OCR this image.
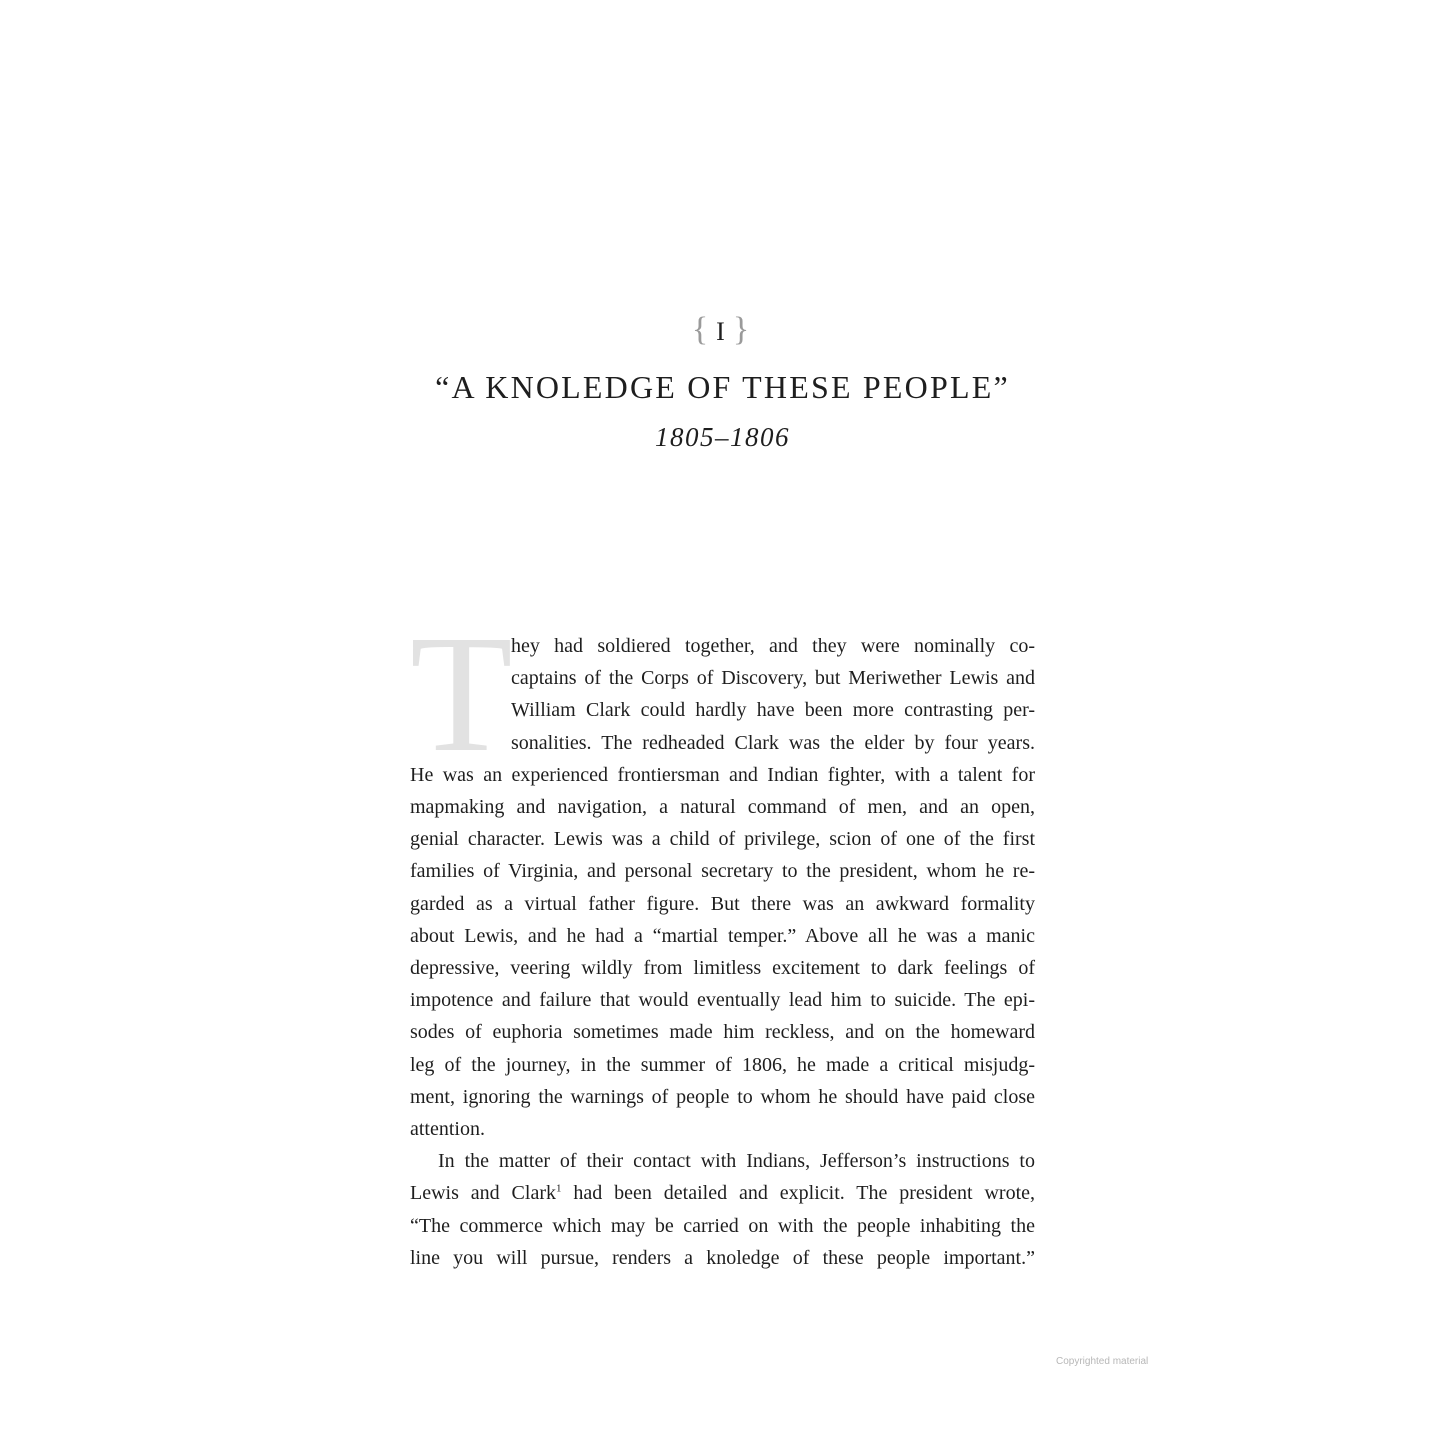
{ I }
“A KNOLEDGE OF THESE PEOPLE”
1805–1806
T
hey had soldiered together, and they were nominally co-
captains of the Corps of Discovery, but Meriwether Lewis and
William Clark could hardly have been more contrasting per-
sonalities. The redheaded Clark was the elder by four years.
He was an experienced frontiersman and Indian fighter, with a talent for
mapmaking and navigation, a natural command of men, and an open,
genial character. Lewis was a child of privilege, scion of one of the first
families of Virginia, and personal secretary to the president, whom he re-
garded as a virtual father figure. But there was an awkward formality
about Lewis, and he had a “martial temper.” Above all he was a manic
depressive, veering wildly from limitless excitement to dark feelings of
impotence and failure that would eventually lead him to suicide. The epi-
sodes of euphoria sometimes made him reckless, and on the homeward
leg of the journey, in the summer of 1806, he made a critical misjudg-
ment, ignoring the warnings of people to whom he should have paid close
attention.
In the matter of their contact with Indians, Jefferson’s instructions to
Lewis and Clark$^1$ had been detailed and explicit. The president wrote,
“The commerce which may be carried on with the people inhabiting the
line you will pursue, renders a knoledge of these people important.”
Copyrighted material
